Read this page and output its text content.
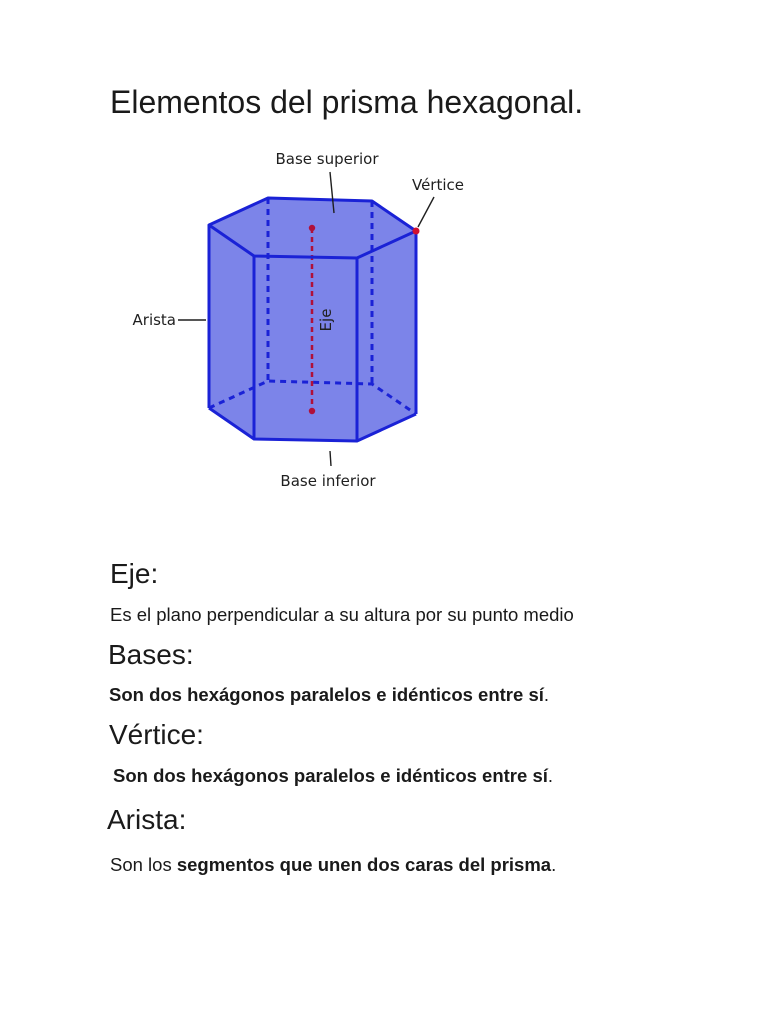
Elementos del prisma hexagonal.
Base superior
Vértice
Arista	Eje
Base inferior
Eje:

Es el plano perpendicular a su altura por su punto medio

Bases:

Son dos hexágonos paralelos e idénticos entre sí.

Vértice:

Son dos hexágonos paralelos e idénticos entre sí.

Arista:

Son los segmentos que unen dos caras del prisma.
